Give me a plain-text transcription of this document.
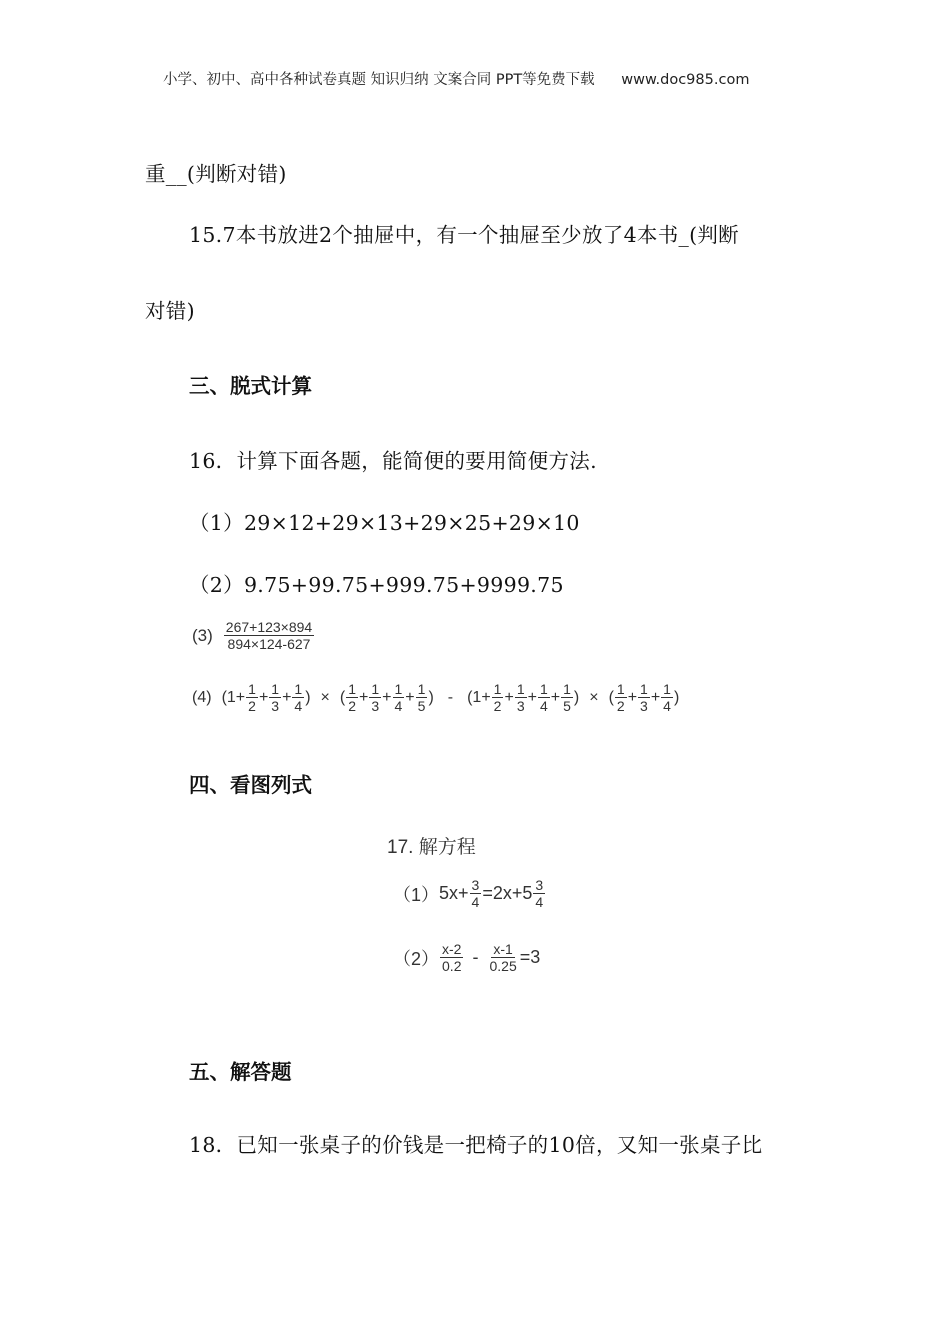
小学、初中、高中各种试卷真题 知识归纳 文案合同 PPT等免费下载 www.doc985.com
重__(判断对错)
15.7本书放进2个抽屉中，有一个抽屉至少放了4本书_(判断
对错)
三、脱式计算
16．计算下面各题，能简便的要用简便方法.
（1）29×12+29×13+29×25+29×10
（2）9.75+99.75+999.75+9999.75
$(3) \frac{267+123\times 894}{894\times 124-627}$
(4) ($1+ \frac{1}{2} + \frac{1}{3} + \frac{1}{4}$ ) × ( $\frac{1}{2} + \frac{1}{3} + \frac{1}{4} + \frac{1}{5}$ ) - ($1+ \frac{1}{2} + \frac{1}{3} + \frac{1}{4} + \frac{1}{5}$ ) × ( $\frac{1}{2} + \frac{1}{3} + \frac{1}{4}$ )
四、看图列式
17. 解方程
（1） $5x+ \frac{3}{4} =2x+5 \frac{3}{4}$
$(2) \frac{x-2}{0.2} - \frac{x-1}{0.25} =3$
五、解答题
18．已知一张桌子的价钱是一把椅子的10倍，又知一张桌子比
